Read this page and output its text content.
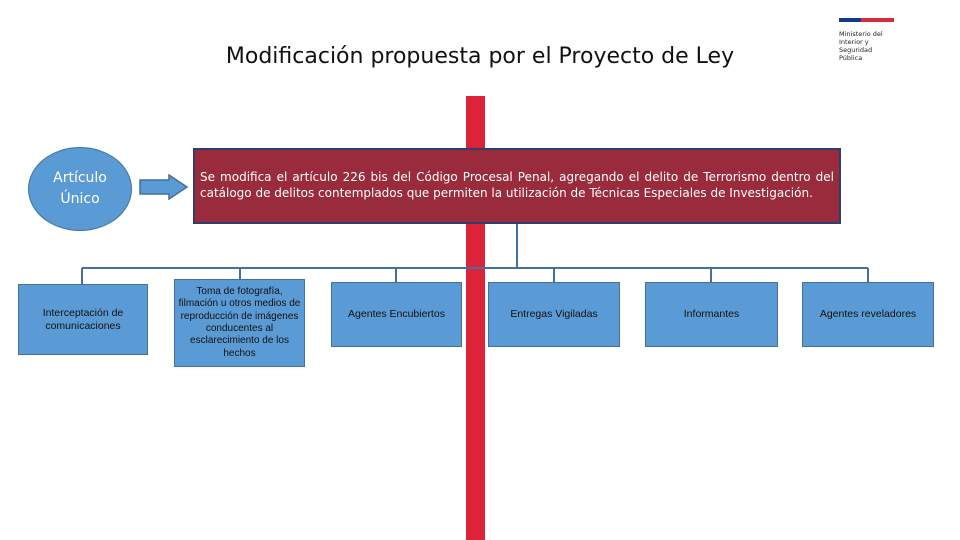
Modificación propuesta por el Proyecto de Ley
Ministerio del
Interior y
Seguridad
Pública
Artículo
Único
Se modifica el artículo 226 bis del Código Procesal Penal, agregando el delito de Terrorismo dentro del catálogo de delitos contemplados que permiten la utilización de Técnicas Especiales de Investigación.
Interceptación de comunicaciones
Toma de fotografía, filmación u otros medios de reproducción de imágenes conducentes al esclarecimiento de los hechos
Agentes Encubiertos	Entregas Vigiladas	Informantes	Agentes reveladores
